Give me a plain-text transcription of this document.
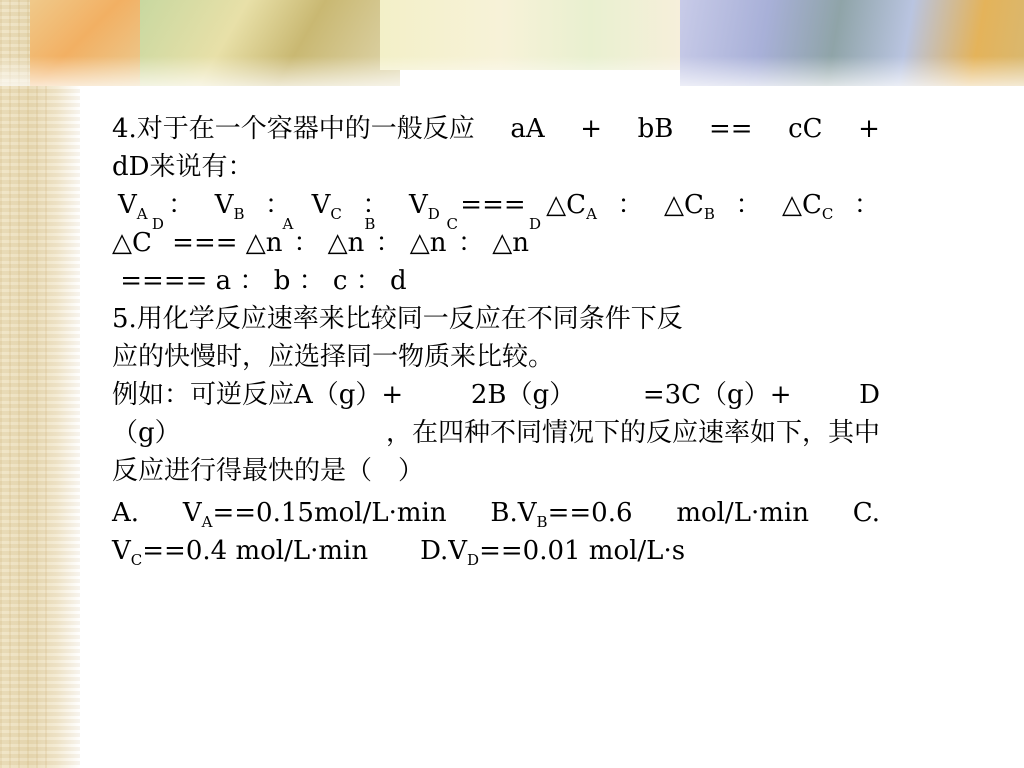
4.对于在一个容器中的一般反应 aA + bB == cC +
dD来说有：
$V_A$ ： $V_B$ ： $V_C$ ： $V_D$ === $\triangle C_A$ ： $\triangle C_B$ ： $\triangle C_C$ ：
△C
D
=== △n
A
： △n
B
： △n
C
： △n
D
==== a ： b ： c ： d
5.用化学反应速率来比较同一反应在不同条件下反
应的快慢时，应选择同一物质来比较。
例如：可逆反应A（g）+	2B（g）	=3C（g）+	D
（g）	，在四种不同情况下的反应速率如下，其中
反应进行得最快的是（　）
A. $V_A==0.15mol/L\cdot\min$ $B.V_B==0.6$ mol/L·min C.
$V_C==0.4$ mol/L·min $D.V_D==0.01$ mol/L·s
